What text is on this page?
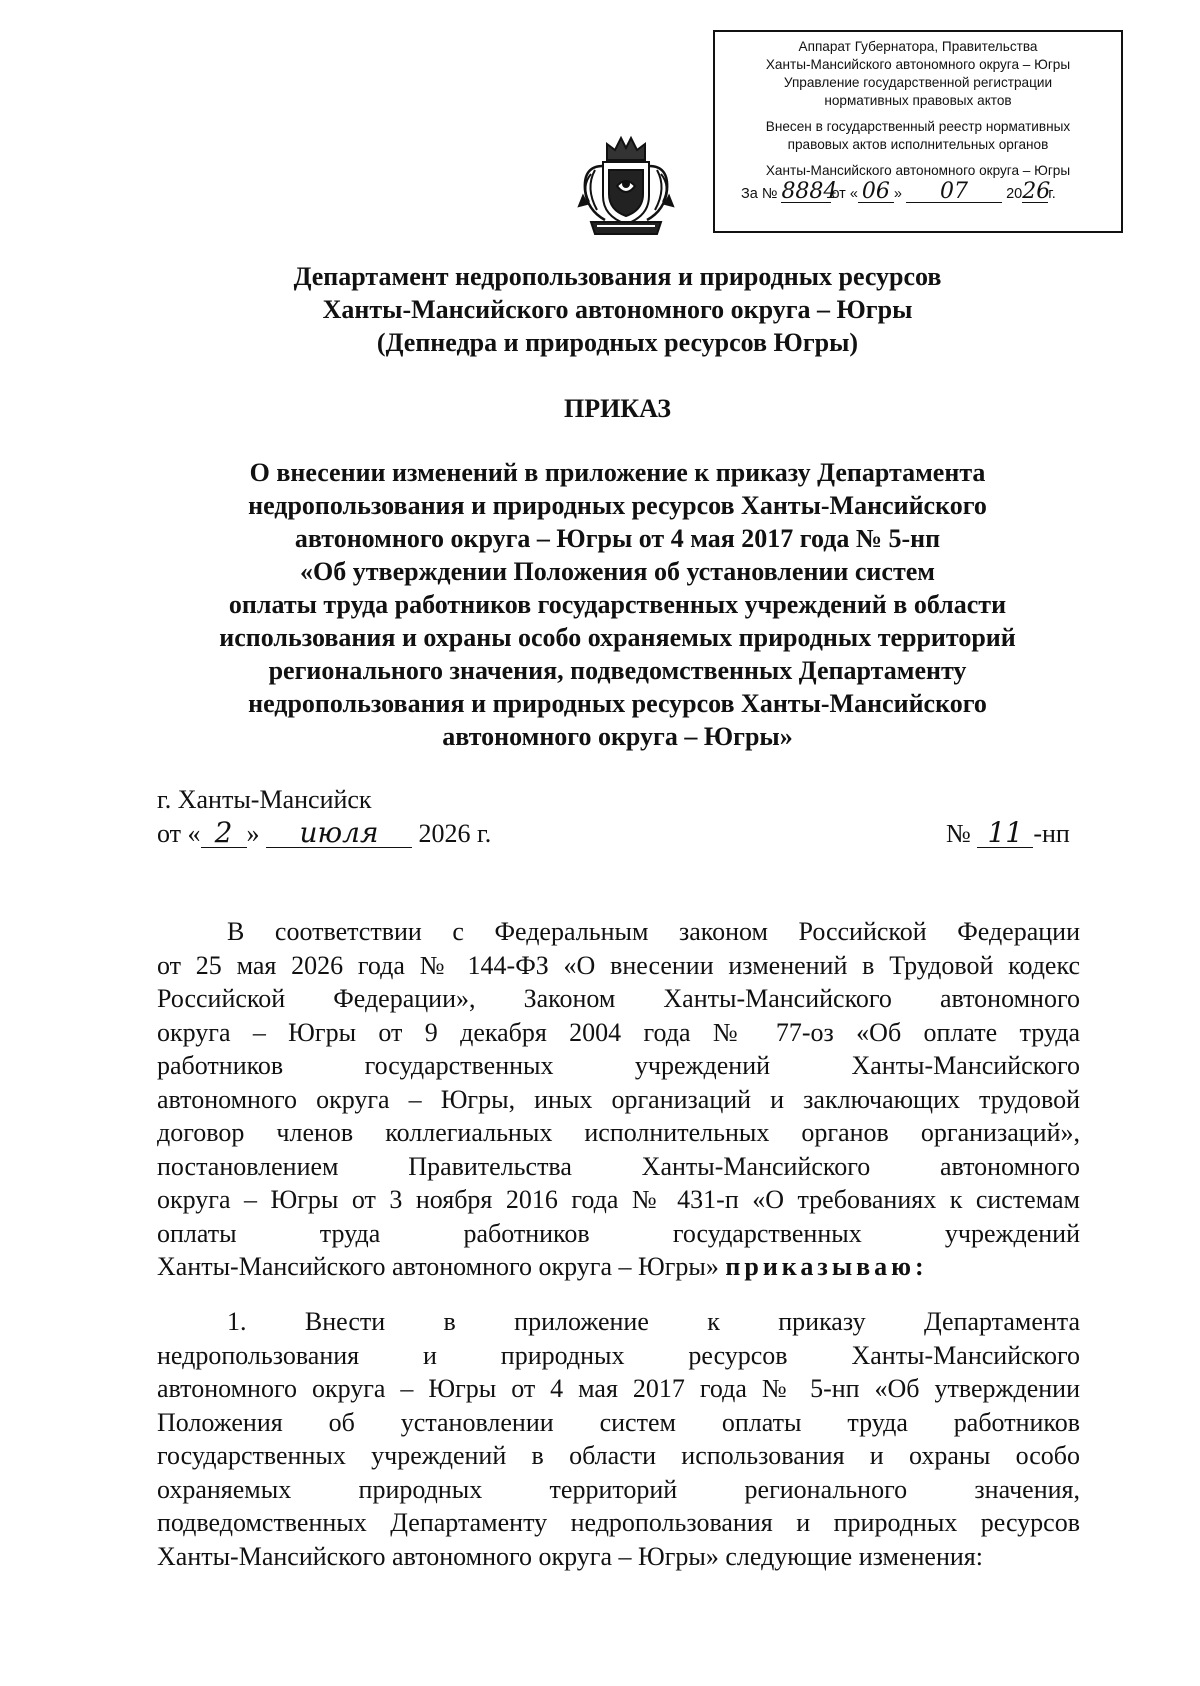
Аппарат Губернатора, Правительства
Ханты-Мансийского автономного округа – Югры
Управление государственной регистрации
нормативных правовых актов
Внесен в государственный реестр нормативных
правовых актов исполнительных органов
Ханты-Мансийского автономного округа – Югры
За № 8884от « 06 » 07	2026г.
Департамент недропользования и природных ресурсов
Ханты-Мансийского автономного округа – Югры
(Депнедра и природных ресурсов Югры)
ПРИКАЗ
О внесении изменений в приложение к приказу Департамента
недропользования и природных ресурсов Ханты-Мансийского
автономного округа – Югры от 4 мая 2017 года № 5-нп
«Об утверждении Положения об установлении систем
оплаты труда работников государственных учреждений в области
использования и охраны особо охраняемых природных территорий
регионального значения, подведомственных Департаменту
недропользования и природных ресурсов Ханты-Мансийского
автономного округа – Югры»
г. Ханты-Мансийск
от « 2 » июля 2026 г.	№ 11 -нп
В соответствии с Федеральным законом Российской Федерации
от 25 мая 2026 года № 144-ФЗ «О внесении изменений в Трудовой кодекс
Российской Федерации», Законом Ханты-Мансийского автономного
округа – Югры от 9 декабря 2004 года № 77-оз «Об оплате труда
работников государственных учреждений Ханты-Мансийского
автономного округа – Югры, иных организаций и заключающих трудовой
договор членов коллегиальных исполнительных органов организаций»,
постановлением Правительства Ханты-Мансийского автономного
округа – Югры от 3 ноября 2016 года № 431-п «О требованиях к системам
оплаты труда работников государственных учреждений
Ханты-Мансийского автономного округа – Югры» приказываю:
1. Внести в приложение к приказу Департамента
недропользования и природных ресурсов Ханты-Мансийского
автономного округа – Югры от 4 мая 2017 года № 5-нп «Об утверждении
Положения об установлении систем оплаты труда работников
государственных учреждений в области использования и охраны особо
охраняемых природных территорий регионального значения,
подведомственных Департаменту недропользования и природных ресурсов
Ханты-Мансийского автономного округа – Югры» следующие изменения:
